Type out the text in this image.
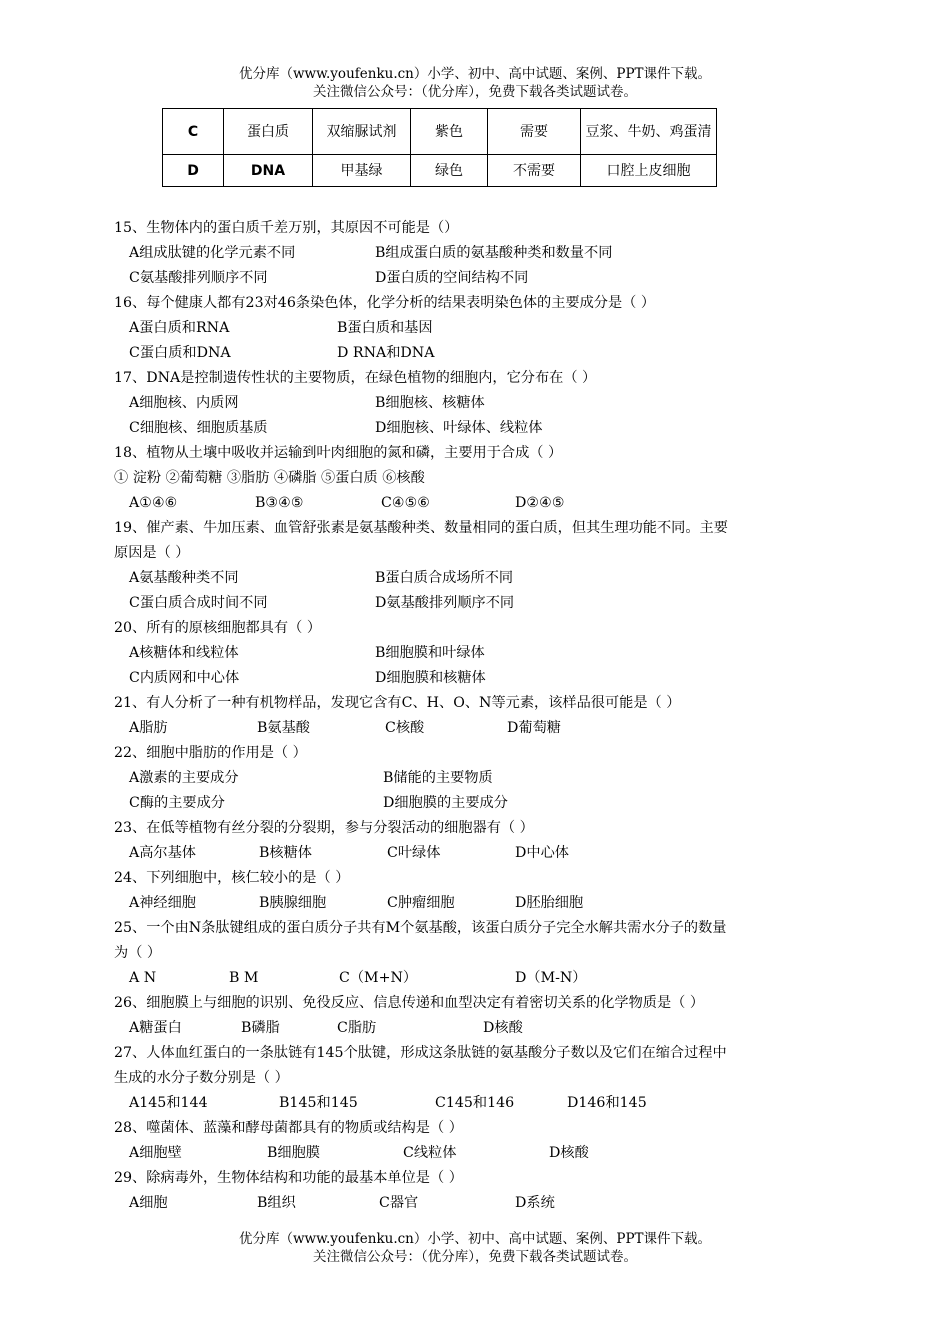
优分库（www.youfenku.cn）小学、初中、高中试题、案例、PPT课件下载。
关注微信公众号：（优分库），免费下载各类试题试卷。
C	蛋白质	双缩脲试剂	紫色	需要	豆浆、牛奶、鸡蛋清
D	DNA	甲基绿	绿色	不需要	口腔上皮细胞
15、生物体内的蛋白质千差万别，其原因不可能是（）
A组成肽键的化学元素不同	B组成蛋白质的氨基酸种类和数量不同
C氨基酸排列顺序不同	D蛋白质的空间结构不同
16、每个健康人都有23对46条染色体，化学分析的结果表明染色体的主要成分是（ ）
A蛋白质和RNA	B蛋白质和基因
C蛋白质和DNA	D RNA和DNA
17、DNA是控制遗传性状的主要物质，在绿色植物的细胞内，它分布在（ ）
A细胞核、内质网	B细胞核、核糖体
C细胞核、细胞质基质	D细胞核、叶绿体、线粒体
18、植物从土壤中吸收并运输到叶肉细胞的氮和磷，主要用于合成（ ）
① 淀粉 ②葡萄糖 ③脂肪 ④磷脂 ⑤蛋白质 ⑥核酸
A①④⑥	B③④⑤	C④⑤⑥	D②④⑤
19、催产素、牛加压素、血管舒张素是氨基酸种类、数量相同的蛋白质，但其生理功能不同。主要
原因是（ ）
A氨基酸种类不同	B蛋白质合成场所不同
C蛋白质合成时间不同	D氨基酸排列顺序不同
20、所有的原核细胞都具有（ ）
A核糖体和线粒体	B细胞膜和叶绿体
C内质网和中心体	D细胞膜和核糖体
21、有人分析了一种有机物样品，发现它含有C、H、O、N等元素，该样品很可能是（ ）
A脂肪	B氨基酸	C核酸	D葡萄糖
22、细胞中脂肪的作用是（ ）
A激素的主要成分	B储能的主要物质
C酶的主要成分	D细胞膜的主要成分
23、在低等植物有丝分裂的分裂期，参与分裂活动的细胞器有（ ）
A高尔基体	B核糖体	C叶绿体	D中心体
24、下列细胞中，核仁较小的是（ ）
A神经细胞	B胰腺细胞	C肿瘤细胞	D胚胎细胞
25、一个由N条肽键组成的蛋白质分子共有M个氨基酸，该蛋白质分子完全水解共需水分子的数量
为（ ）
A N	B M	C（M+N）	D（M-N）
26、细胞膜上与细胞的识别、免役反应、信息传递和血型决定有着密切关系的化学物质是（ ）
A糖蛋白	B磷脂	C脂肪	D核酸
27、人体血红蛋白的一条肽链有145个肽键，形成这条肽链的氨基酸分子数以及它们在缩合过程中
生成的水分子数分别是（ ）
A145和144	B145和145	C145和146	D146和145
28、噬菌体、蓝藻和酵母菌都具有的物质或结构是（ ）
A细胞壁	B细胞膜	C线粒体	D核酸
29、除病毒外，生物体结构和功能的最基本单位是（ ）
A细胞	B组织	C器官	D系统
优分库（www.youfenku.cn）小学、初中、高中试题、案例、PPT课件下载。
关注微信公众号：（优分库），免费下载各类试题试卷。
